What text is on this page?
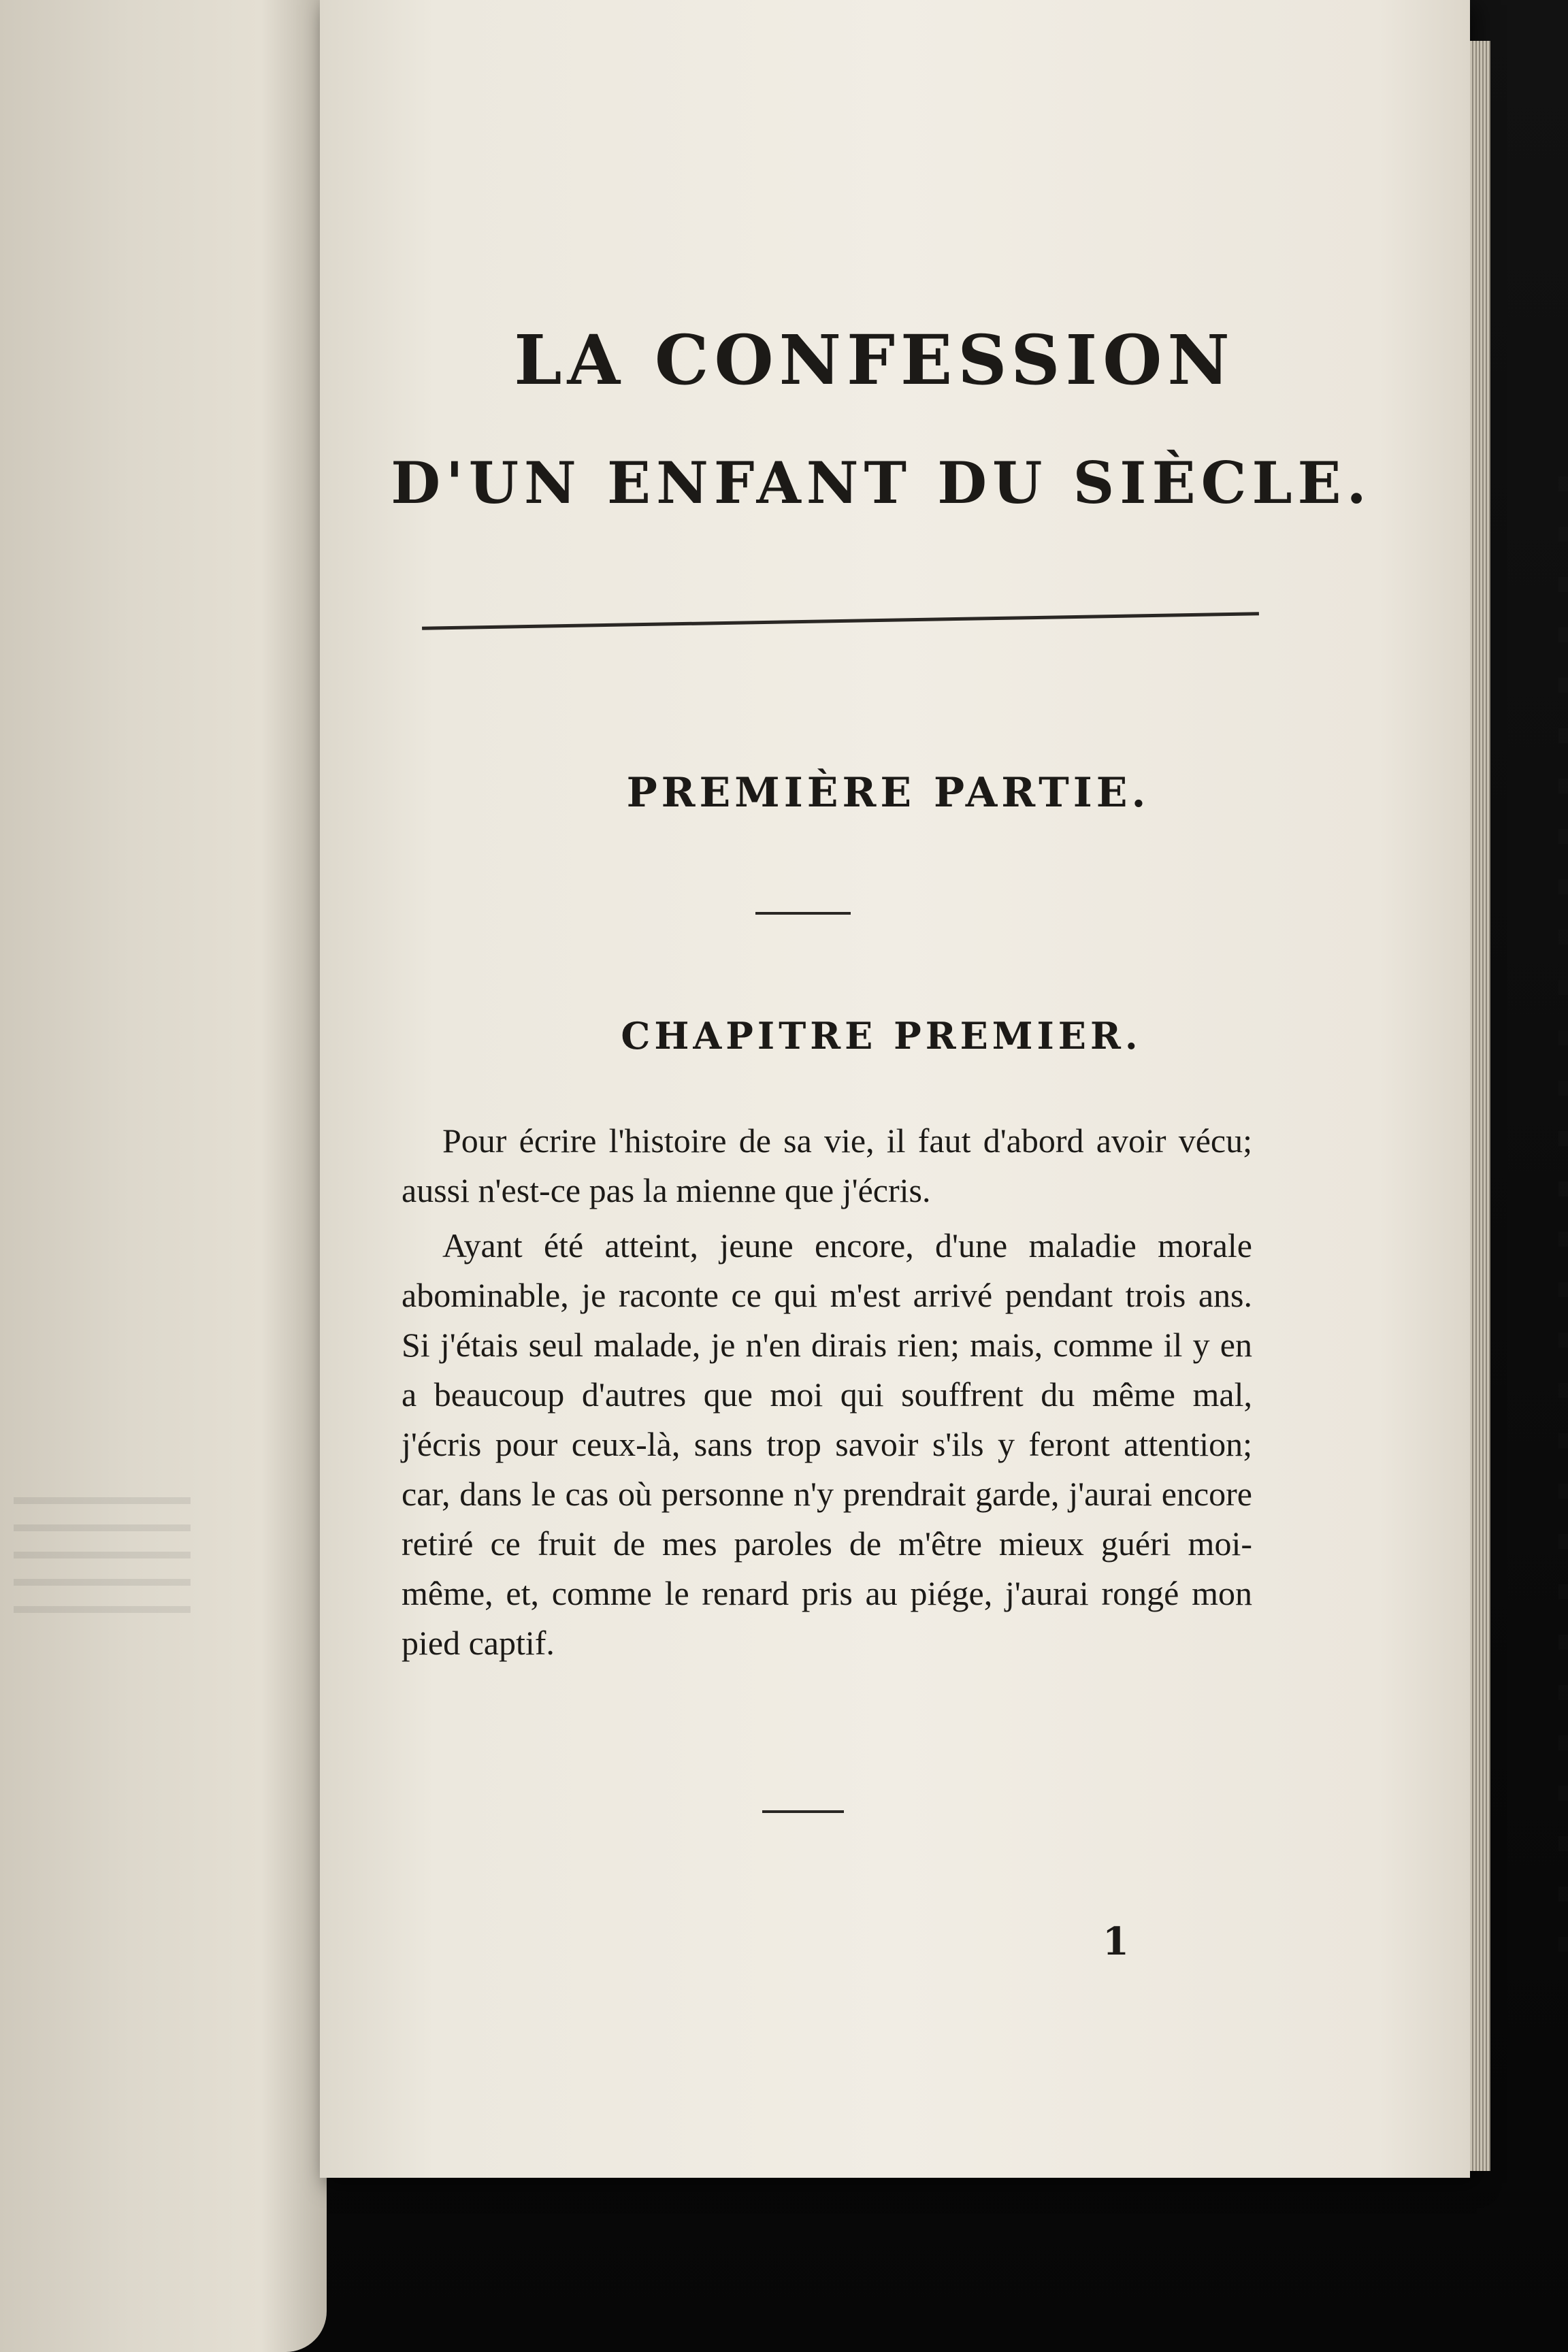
LA CONFESSION
D'UN ENFANT DU SIÈCLE.
PREMIÈRE PARTIE.
CHAPITRE PREMIER.

Pour écrire l'histoire de sa vie, il faut d'abord avoir vécu; aussi n'est-ce pas la mienne que j'écris.

Ayant été atteint, jeune encore, d'une maladie morale abominable, je raconte ce qui m'est arrivé pendant trois ans. Si j'étais seul malade, je n'en dirais rien; mais, comme il y en a beaucoup d'autres que moi qui souffrent du même mal, j'écris pour ceux-là, sans trop savoir s'ils y feront attention; car, dans le cas où personne n'y prendrait garde, j'aurai encore retiré ce fruit de mes paroles de m'être mieux guéri moi-même, et, comme le renard pris au piége, j'aurai rongé mon pied captif.

1
